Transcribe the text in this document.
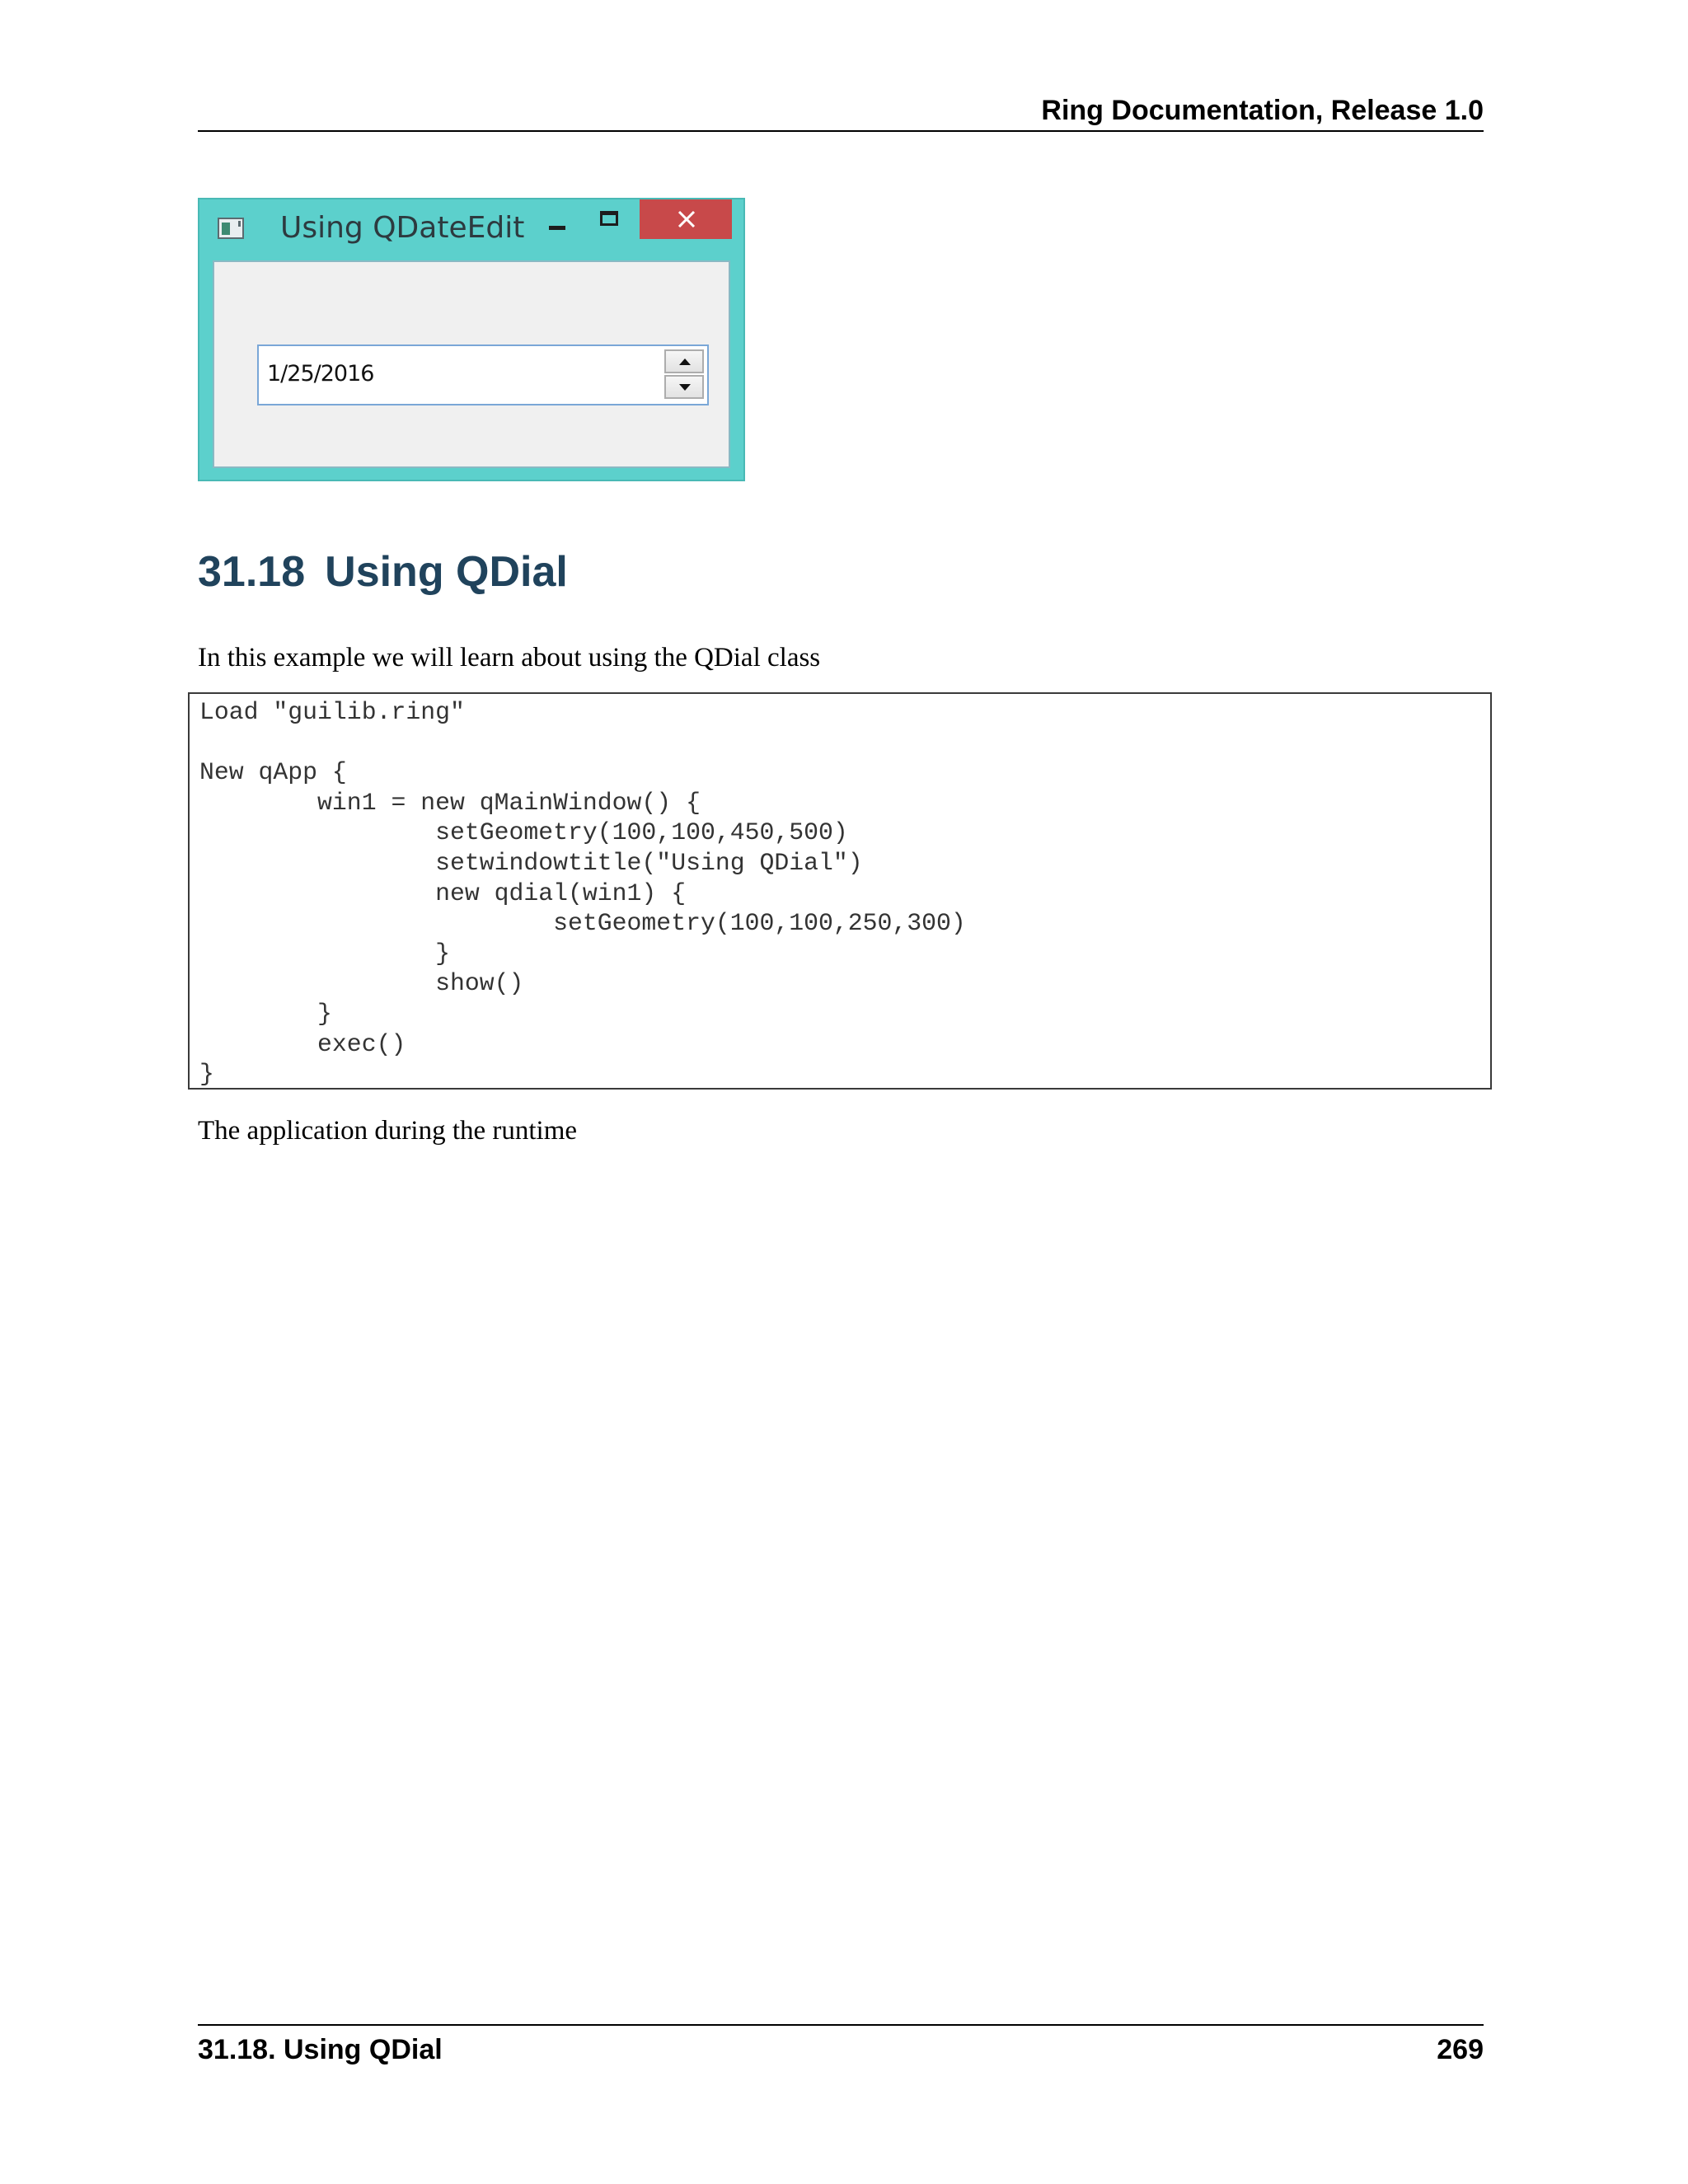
Ring Documentation, Release 1.0
Using QDateEdit
1/25/2016
31.18 Using QDial
In this example we will learn about using the QDial class
Load "guilib.ring"

New qApp {
win1 = new qMainWindow() {
setGeometry(100,100,450,500)
setwindowtitle("Using QDial")
new qdial(win1) {
setGeometry(100,100,250,300)
}
show()
}
exec()
}
The application during the runtime
31.18. Using QDial	269
